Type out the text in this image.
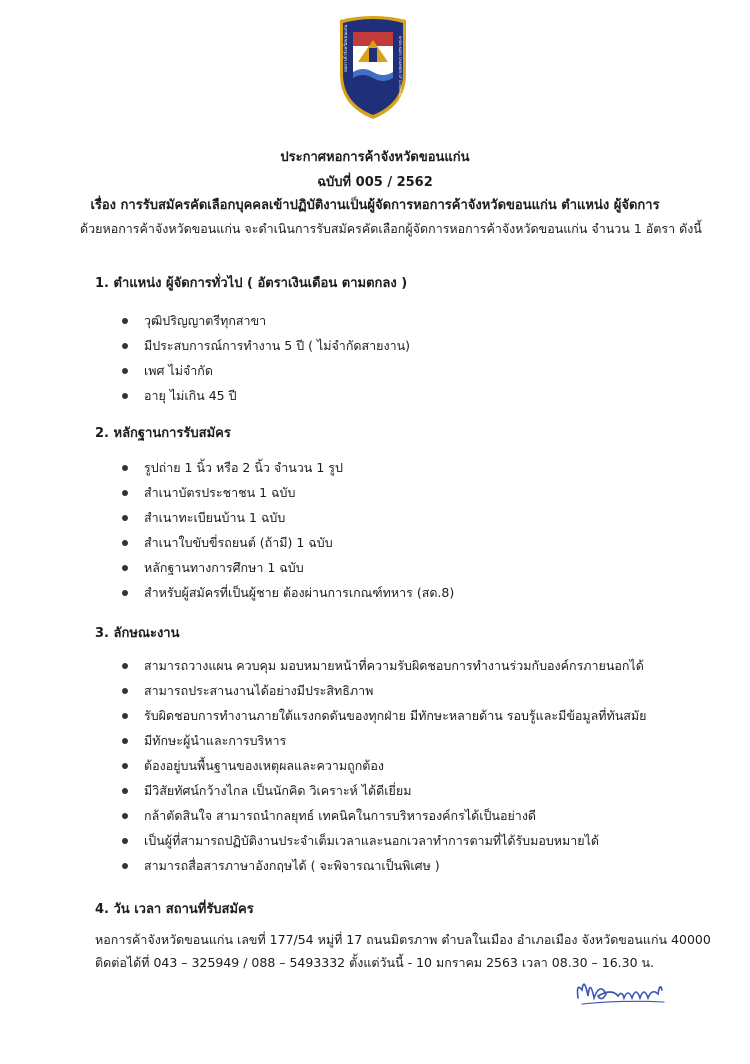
หอการค้าจังหวัดขอนแก่น	KHON KAEN CHAMBER OF COMMERCE
ประกาศหอการค้าจังหวัดขอนแก่น
ฉบับที่ 005 / 2562
เรื่อง การรับสมัครคัดเลือกบุคคลเข้าปฏิบัติงานเป็นผู้จัดการหอการค้าจังหวัดขอนแก่น ตำแหน่ง ผู้จัดการ
ด้วยหอการค้าจังหวัดขอนแก่น จะดำเนินการรับสมัครคัดเลือกผู้จัดการหอการค้าจังหวัดขอนแก่น จำนวน 1 อัตรา ดังนี้
1. ตำแหน่ง ผู้จัดการทั่วไป ( อัตราเงินเดือน ตามตกลง )
วุฒิปริญญาตรีทุกสาขา
มีประสบการณ์การทำงาน 5 ปี ( ไม่จำกัดสายงาน)
เพศ ไม่จำกัด
อายุ ไม่เกิน 45 ปี
2. หลักฐานการรับสมัคร
รูปถ่าย 1 นิ้ว หรือ 2 นิ้ว จำนวน 1 รูป
สำเนาบัตรประชาชน 1 ฉบับ
สำเนาทะเบียนบ้าน 1 ฉบับ
สำเนาใบขับขี่รถยนต์ (ถ้ามี) 1 ฉบับ
หลักฐานทางการศึกษา 1 ฉบับ
สำหรับผู้สมัครที่เป็นผู้ชาย ต้องผ่านการเกณฑ์ทหาร (สด.8)
3. ลักษณะงาน
สามารถวางแผน ควบคุม มอบหมายหน้าที่ความรับผิดชอบการทำงานร่วมกับองค์กรภายนอกได้
สามารถประสานงานได้อย่างมีประสิทธิภาพ
รับผิดชอบการทำงานภายใต้แรงกดดันของทุกฝ่าย มีทักษะหลายด้าน รอบรู้และมีข้อมูลที่ทันสมัย
มีทักษะผู้นำและการบริหาร
ต้องอยู่บนพื้นฐานของเหตุผลและความถูกต้อง
มีวิสัยทัศน์กว้างไกล เป็นนักคิด วิเคราะห์ ได้ดีเยี่ยม
กล้าตัดสินใจ สามารถนำกลยุทธ์ เทคนิคในการบริหารองค์กรได้เป็นอย่างดี
เป็นผู้ที่สามารถปฏิบัติงานประจำเต็มเวลาและนอกเวลาทำการตามที่ได้รับมอบหมายได้
สามารถสื่อสารภาษาอังกฤษได้ ( จะพิจารณาเป็นพิเศษ )
4. วัน เวลา สถานที่รับสมัคร
หอการค้าจังหวัดขอนแก่น เลขที่ 177/54 หมู่ที่ 17 ถนนมิตรภาพ ตำบลในเมือง อำเภอเมือง จังหวัดขอนแก่น 40000
ติดต่อได้ที่ 043 – 325949 / 088 – 5493332 ตั้งแต่วันนี้ - 10 มกราคม 2563 เวลา 08.30 – 16.30 น.
